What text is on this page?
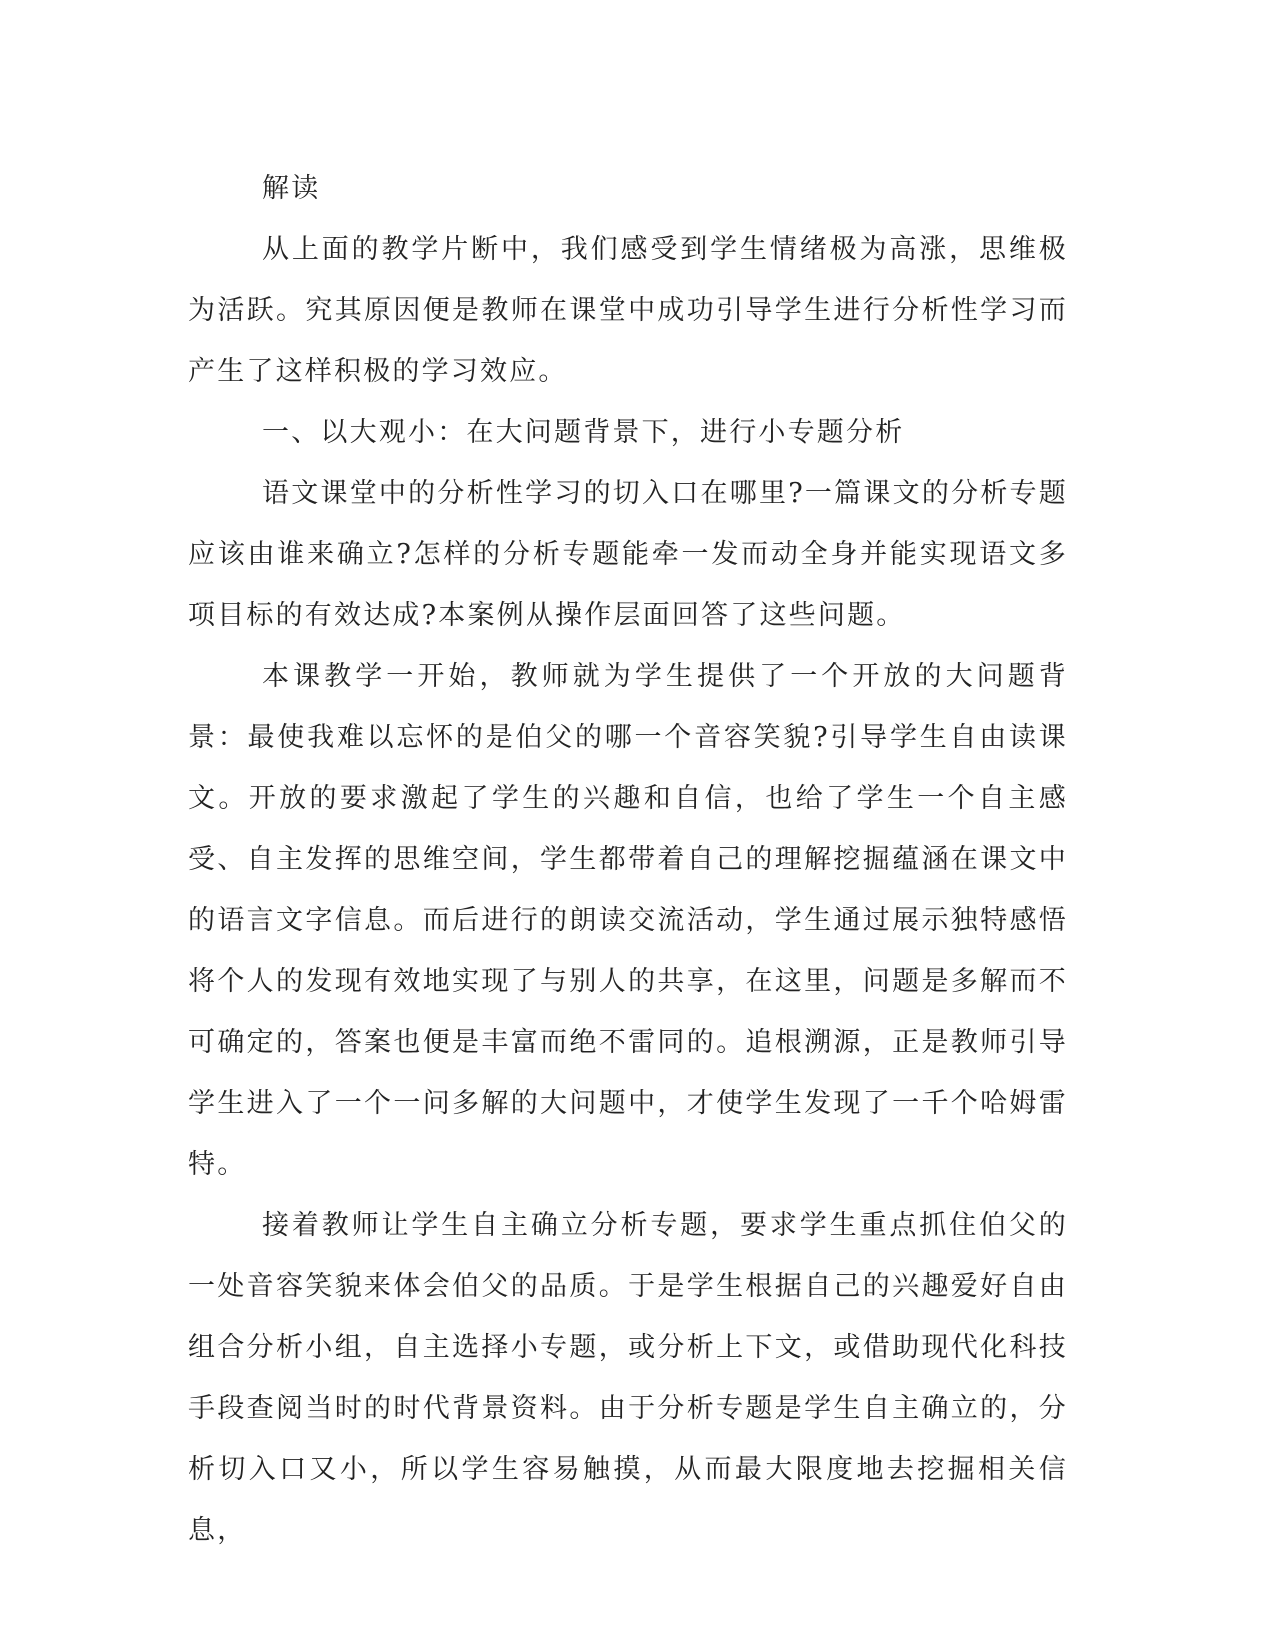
解读

从上面的教学片断中，我们感受到学生情绪极为高涨，思维极为活跃。究其原因便是教师在课堂中成功引导学生进行分析性学习而产生了这样积极的学习效应。

一、以大观小：在大问题背景下，进行小专题分析

语文课堂中的分析性学习的切入口在哪里?一篇课文的分析专题应该由谁来确立?怎样的分析专题能牵一发而动全身并能实现语文多项目标的有效达成?本案例从操作层面回答了这些问题。

本课教学一开始，教师就为学生提供了一个开放的大问题背景：最使我难以忘怀的是伯父的哪一个音容笑貌?引导学生自由读课文。开放的要求激起了学生的兴趣和自信，也给了学生一个自主感受、自主发挥的思维空间，学生都带着自己的理解挖掘蕴涵在课文中的语言文字信息。而后进行的朗读交流活动，学生通过展示独特感悟将个人的发现有效地实现了与别人的共享，在这里，问题是多解而不可确定的，答案也便是丰富而绝不雷同的。追根溯源，正是教师引导学生进入了一个一问多解的大问题中，才使学生发现了一千个哈姆雷特。

接着教师让学生自主确立分析专题，要求学生重点抓住伯父的一处音容笑貌来体会伯父的品质。于是学生根据自己的兴趣爱好自由组合分析小组，自主选择小专题，或分析上下文，或借助现代化科技手段查阅当时的时代背景资料。由于分析专题是学生自主确立的，分析切入口又小，所以学生容易触摸，从而最大限度地去挖掘相关信息，
